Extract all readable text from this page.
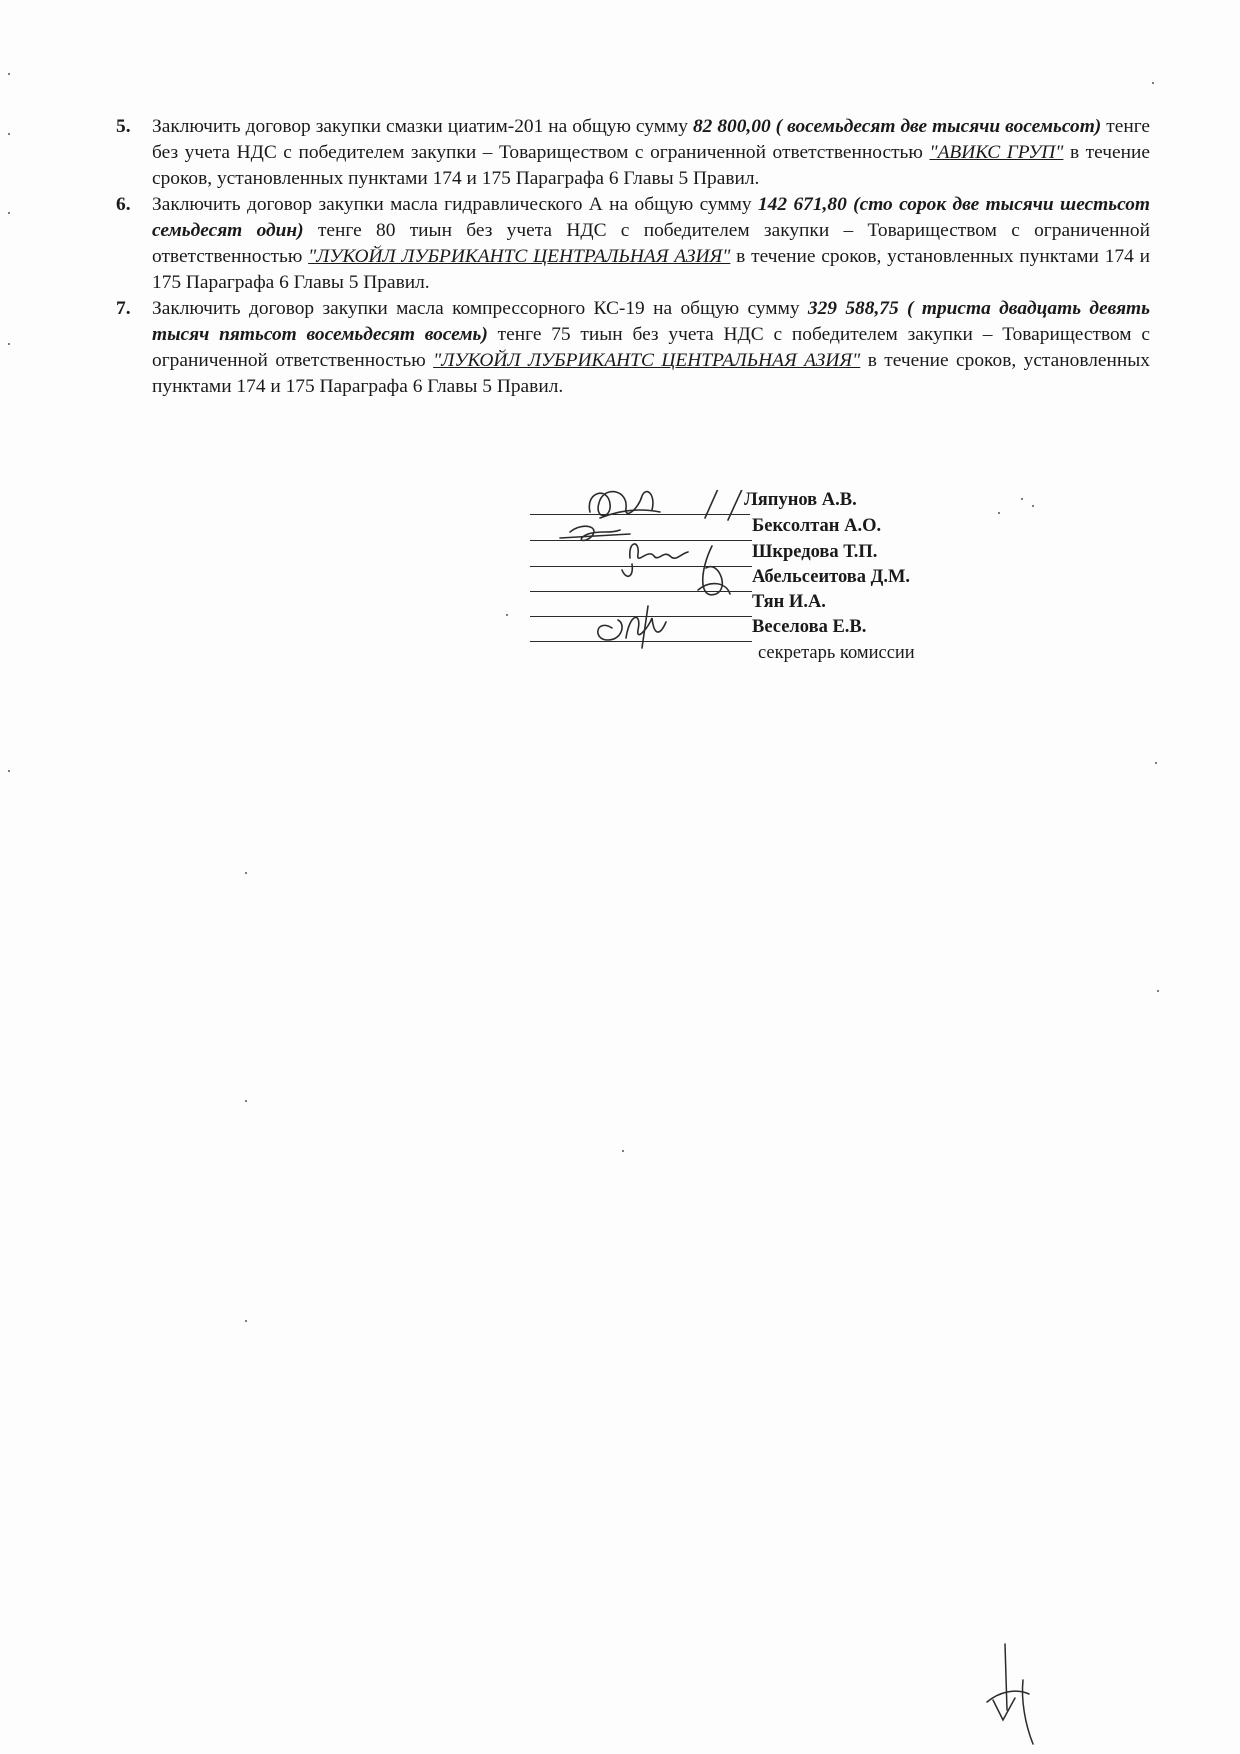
5. Заключить договор закупки смазки циатим-201 на общую сумму 82 800,00 ( восемьдесят две тысячи восемьсот) тенге без учета НДС с победителем закупки – Товариществом с ограниченной ответственностью "АВИКС ГРУП" в течение сроков, установленных пунктами 174 и 175 Параграфа 6 Главы 5 Правил.
6. Заключить договор закупки масла гидравлического А на общую сумму 142 671,80 (сто сорок две тысячи шестьсот семьдесят один) тенге 80 тиын без учета НДС с победителем закупки – Товариществом с ограниченной ответственностью "ЛУКОЙЛ ЛУБРИКАНТС ЦЕНТРАЛЬНАЯ АЗИЯ" в течение сроков, установленных пунктами 174 и 175 Параграфа 6 Главы 5 Правил.
7. Заключить договор закупки масла компрессорного КС-19 на общую сумму 329 588,75 ( триста двадцать девять тысяч пятьсот восемьдесят восемь) тенге 75 тиын без учета НДС с победителем закупки – Товариществом с ограниченной ответственностью "ЛУКОЙЛ ЛУБРИКАНТС ЦЕНТРАЛЬНАЯ АЗИЯ" в течение сроков, установленных пунктами 174 и 175 Параграфа 6 Главы 5 Правил.
Ляпунов А.В.
Бексолтан А.О.
Шкредова Т.П.
Абельсеитова Д.М.
Тян И.А.
Веселова Е.В.
секретарь комиссии
